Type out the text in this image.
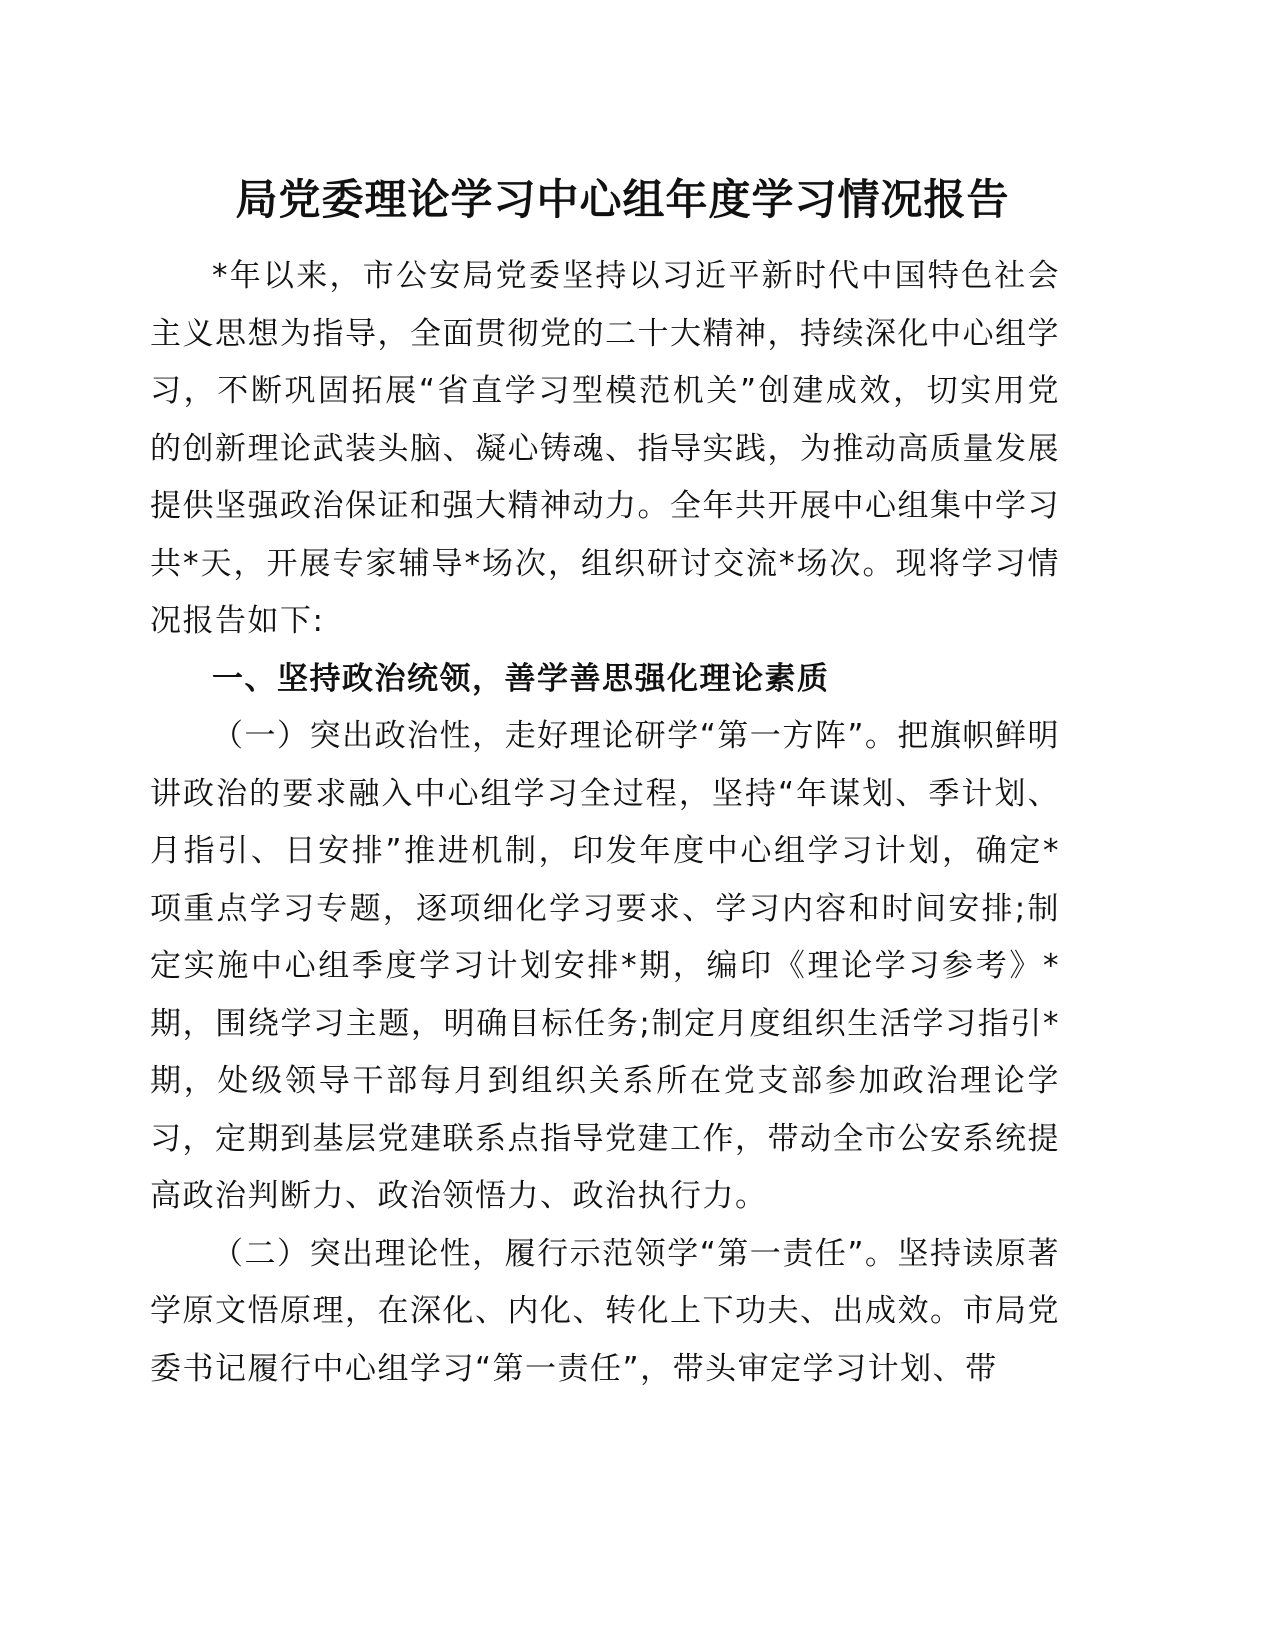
局党委理论学习中心组年度学习情况报告

*年以来，市公安局党委坚持以习近平新时代中国特色社会主义思想为指导，全面贯彻党的二十大精神，持续深化中心组学习，不断巩固拓展“省直学习型模范机关”创建成效，切实用党的创新理论武装头脑、凝心铸魂、指导实践，为推动高质量发展提供坚强政治保证和强大精神动力。全年共开展中心组集中学习共*天，开展专家辅导*场次，组织研讨交流*场次。现将学习情况报告如下:

一、坚持政治统领，善学善思强化理论素质

（一）突出政治性，走好理论研学“第一方阵”。把旗帜鲜明讲政治的要求融入中心组学习全过程，坚持“年谋划、季计划、月指引、日安排”推进机制，印发年度中心组学习计划，确定*项重点学习专题，逐项细化学习要求、学习内容和时间安排;制定实施中心组季度学习计划安排*期，编印《理论学习参考》*期，围绕学习主题，明确目标任务;制定月度组织生活学习指引*期，处级领导干部每月到组织关系所在党支部参加政治理论学习，定期到基层党建联系点指导党建工作，带动全市公安系统提高政治判断力、政治领悟力、政治执行力。

（二）突出理论性，履行示范领学“第一责任”。坚持读原著学原文悟原理，在深化、内化、转化上下功夫、出成效。市局党委书记履行中心组学习“第一责任”，带头审定学习计划、带
